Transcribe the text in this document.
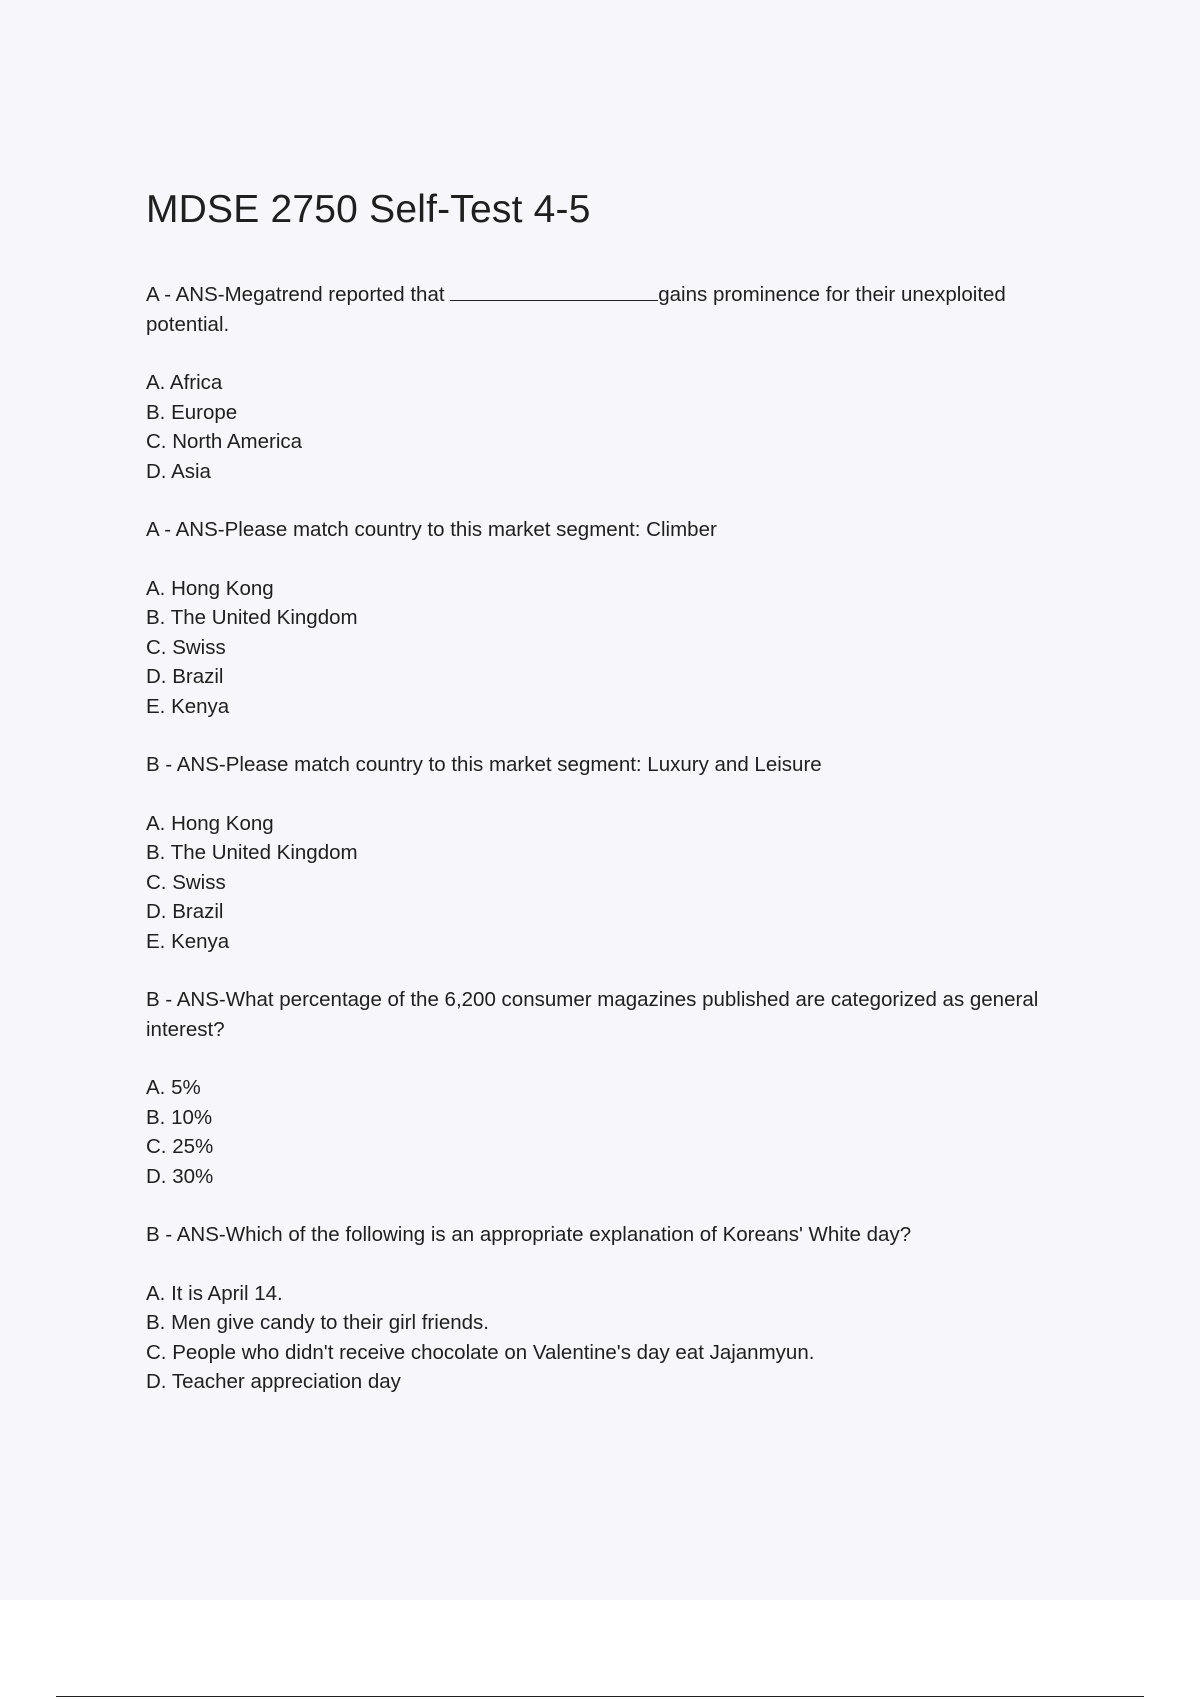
MDSE 2750 Self-Test 4-5

A - ANS-Megatrend reported that	gains prominence for their unexploited potential.

A. Africa
B. Europe
C. North America
D. Asia

A - ANS-Please match country to this market segment: Climber

A. Hong Kong
B. The United Kingdom
C. Swiss
D. Brazil
E. Kenya

B - ANS-Please match country to this market segment: Luxury and Leisure

A. Hong Kong
B. The United Kingdom
C. Swiss
D. Brazil
E. Kenya

B - ANS-What percentage of the 6,200 consumer magazines published are categorized as general interest?

A. 5%
B. 10%
C. 25%
D. 30%

B - ANS-Which of the following is an appropriate explanation of Koreans' White day?

A. It is April 14.
B. Men give candy to their girl friends.
C. People who didn't receive chocolate on Valentine's day eat Jajanmyun.
D. Teacher appreciation day
